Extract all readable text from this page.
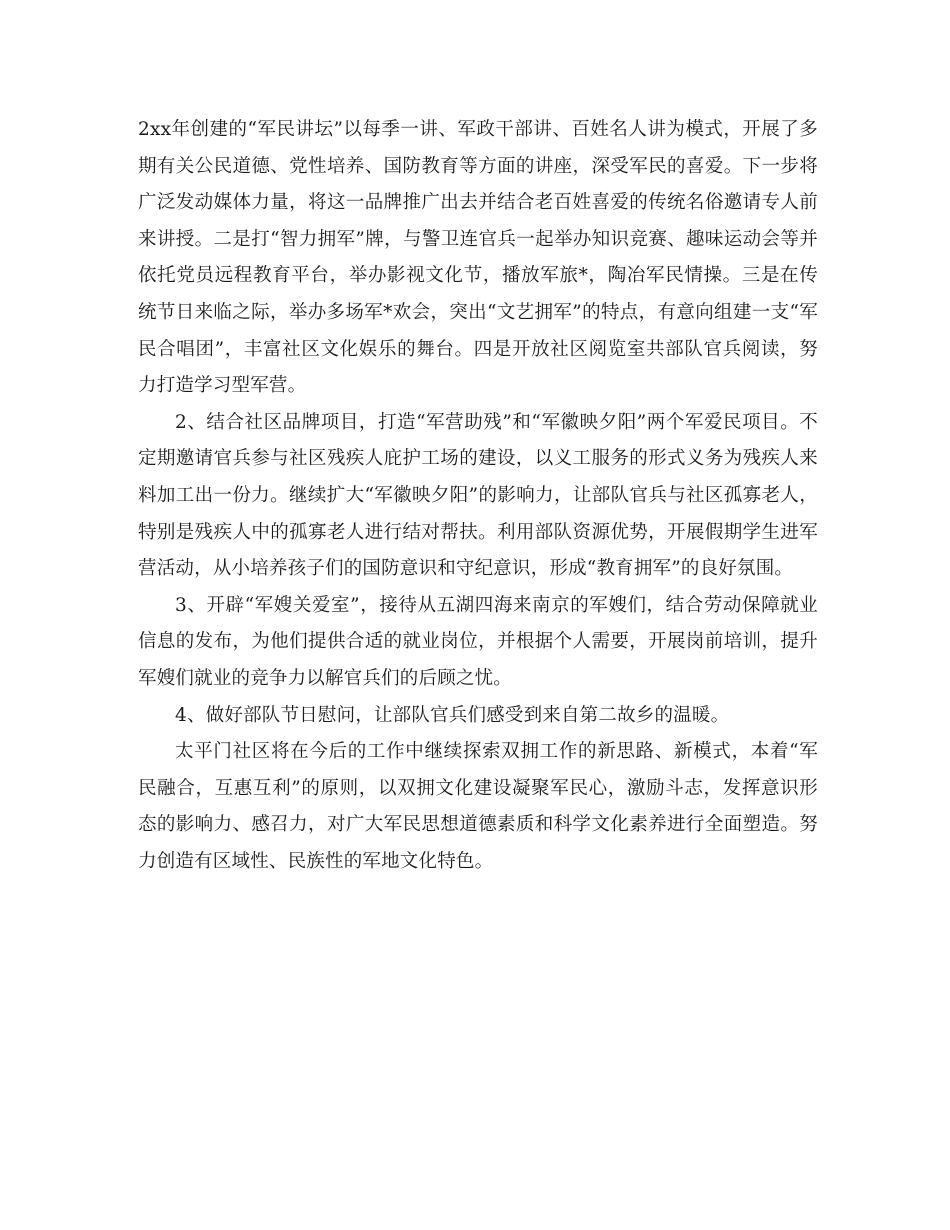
2xx年创建的“军民讲坛”以每季一讲、军政干部讲、百姓名人讲为模式，开展了多期有关公民道德、党性培养、国防教育等方面的讲座，深受军民的喜爱。下一步将广泛发动媒体力量，将这一品牌推广出去并结合老百姓喜爱的传统名俗邀请专人前来讲授。二是打“智力拥军”牌，与警卫连官兵一起举办知识竞赛、趣味运动会等并依托党员远程教育平台，举办影视文化节，播放军旅*，陶冶军民情操。三是在传统节日来临之际，举办多场军*欢会，突出“文艺拥军”的特点，有意向组建一支“军民合唱团”，丰富社区文化娱乐的舞台。四是开放社区阅览室共部队官兵阅读，努力打造学习型军营。

2、结合社区品牌项目，打造“军营助残”和“军徽映夕阳”两个军爱民项目。不定期邀请官兵参与社区残疾人庇护工场的建设，以义工服务的形式义务为残疾人来料加工出一份力。继续扩大“军徽映夕阳”的影响力，让部队官兵与社区孤寡老人，特别是残疾人中的孤寡老人进行结对帮扶。利用部队资源优势，开展假期学生进军营活动，从小培养孩子们的国防意识和守纪意识，形成“教育拥军”的良好氛围。

3、开辟“军嫂关爱室”，接待从五湖四海来南京的军嫂们，结合劳动保障就业信息的发布，为他们提供合适的就业岗位，并根据个人需要，开展岗前培训，提升军嫂们就业的竞争力以解官兵们的后顾之忧。

4、做好部队节日慰问，让部队官兵们感受到来自第二故乡的温暖。

太平门社区将在今后的工作中继续探索双拥工作的新思路、新模式，本着“军民融合，互惠互利”的原则，以双拥文化建设凝聚军民心，激励斗志，发挥意识形态的影响力、感召力，对广大军民思想道德素质和科学文化素养进行全面塑造。努力创造有区域性、民族性的军地文化特色。
